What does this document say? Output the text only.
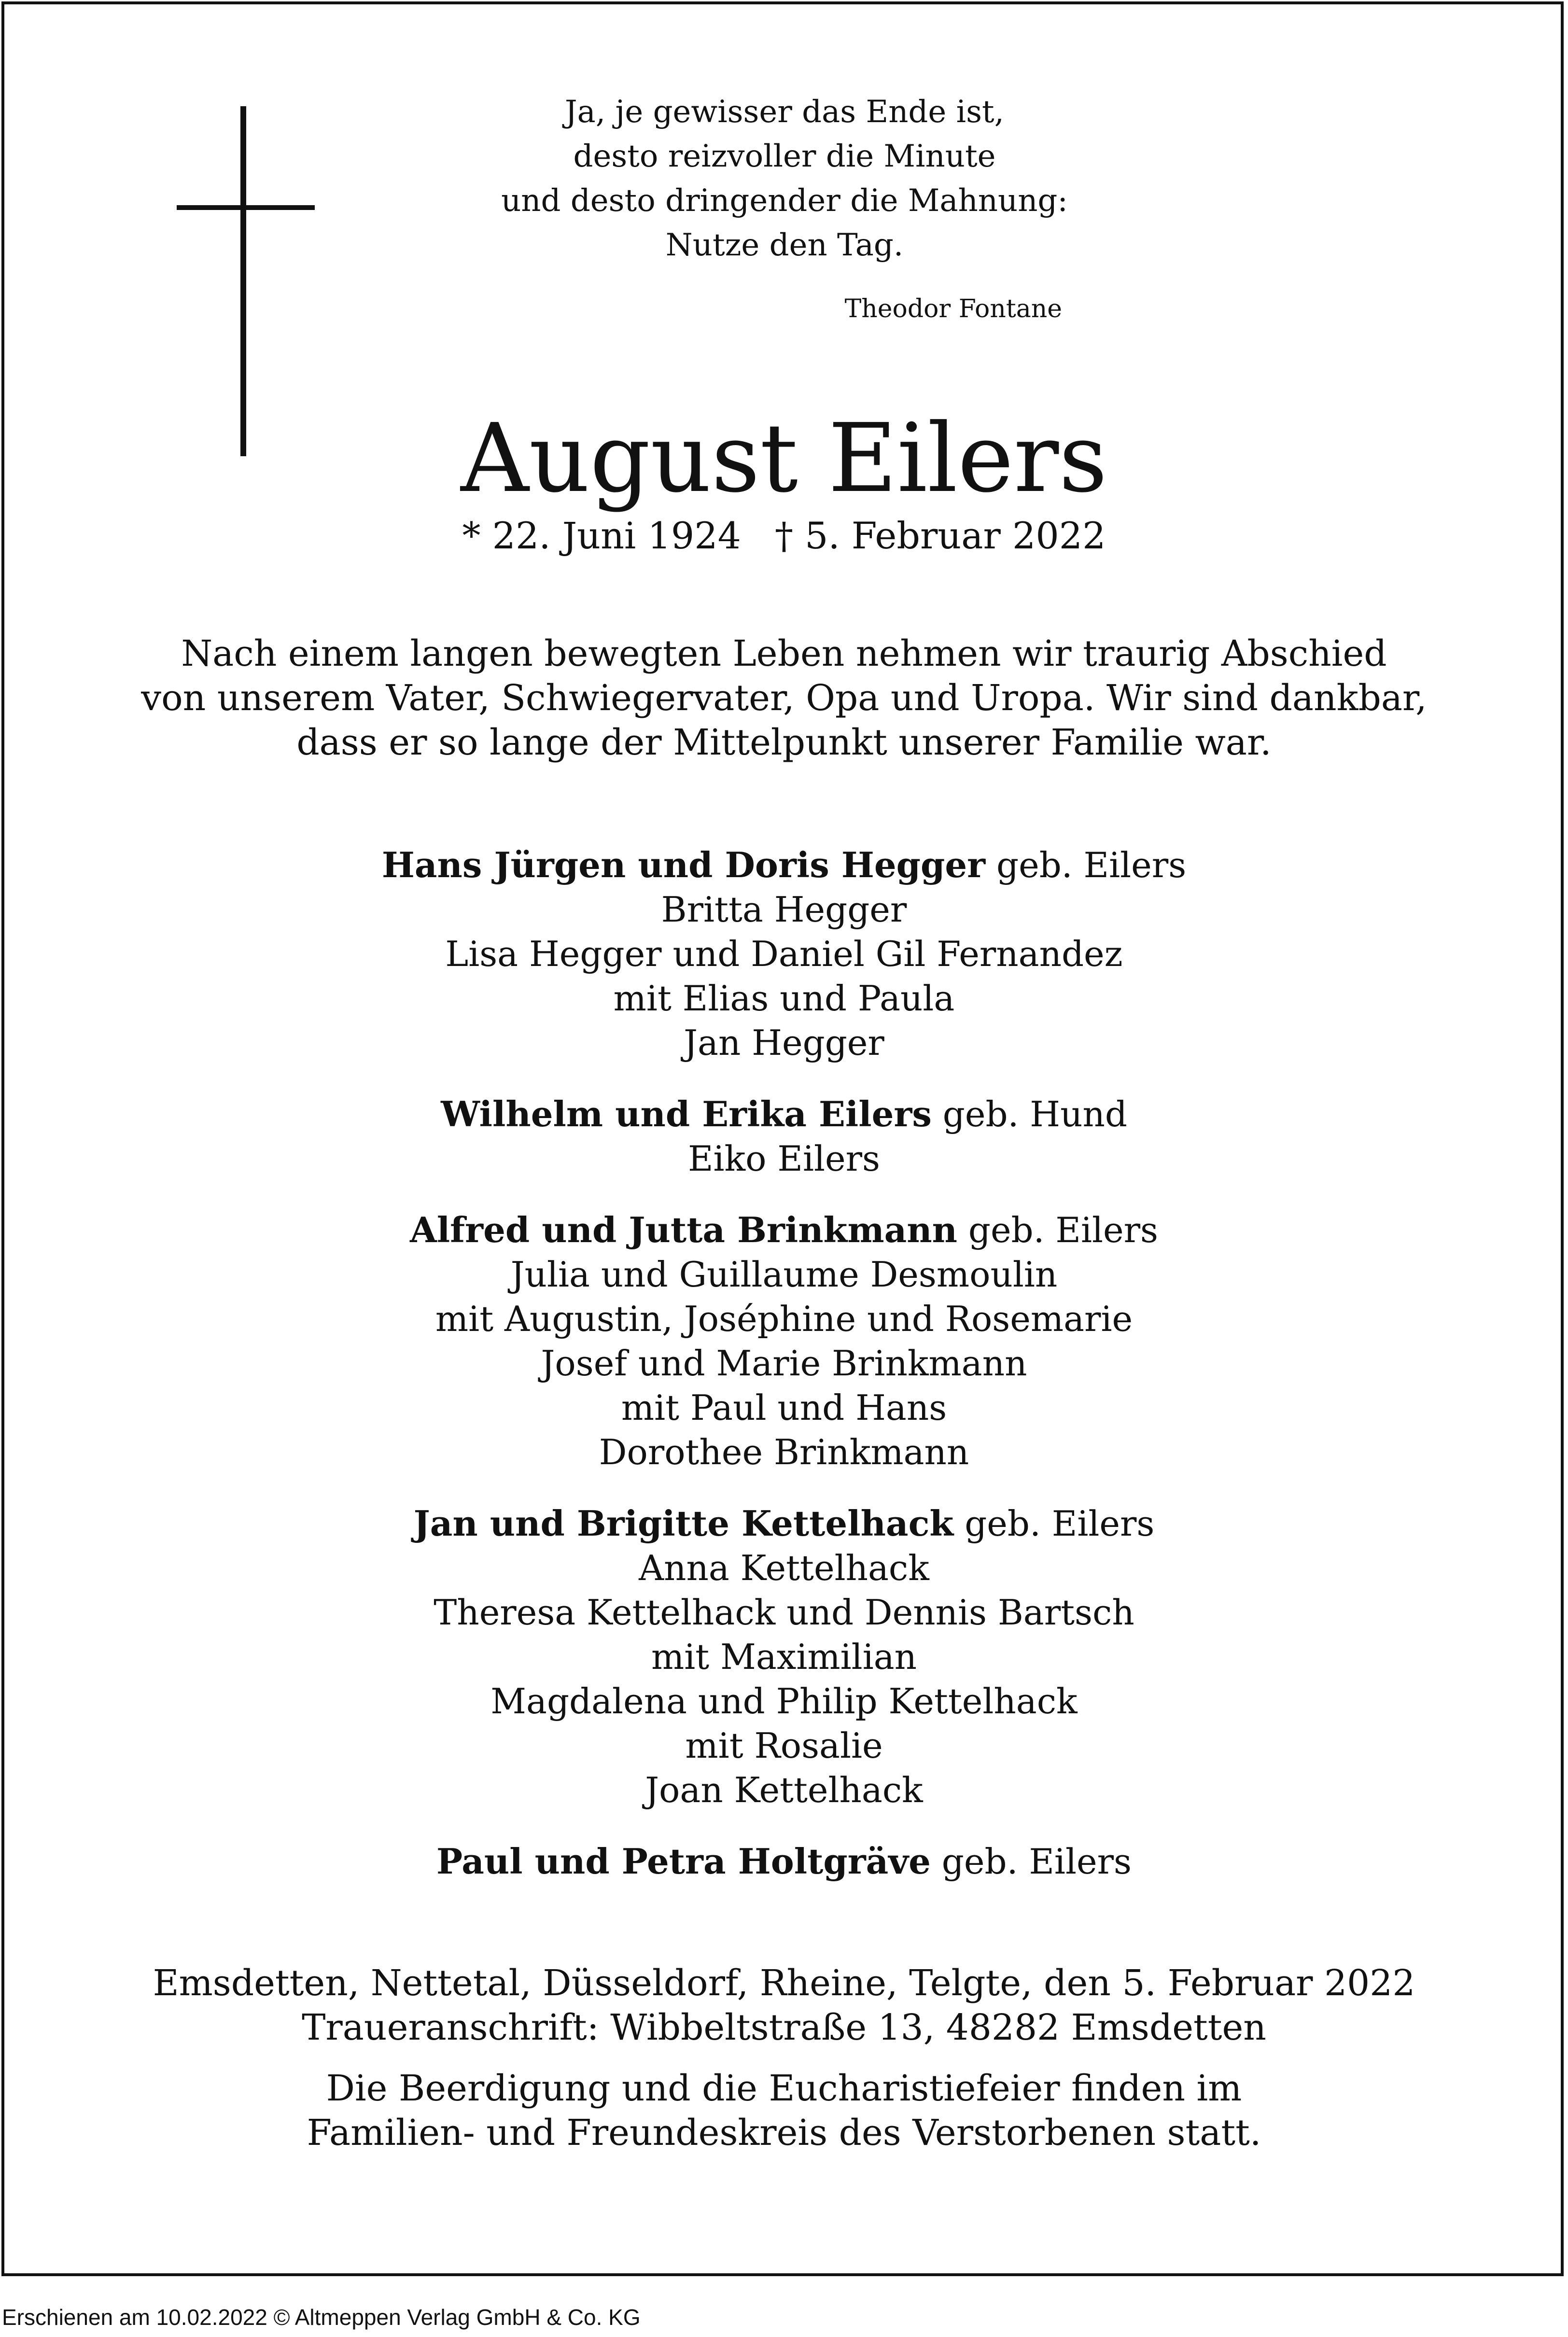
Ja, je gewisser das Ende ist,
desto reizvoller die Minute
und desto dringender die Mahnung:
Nutze den Tag.
Theodor Fontane
August Eilers
* 22. Juni 1924 † 5. Februar 2022
Nach einem langen bewegten Leben nehmen wir traurig Abschied
von unserem Vater, Schwiegervater, Opa und Uropa. Wir sind dankbar,
dass er so lange der Mittelpunkt unserer Familie war.
Hans Jürgen und Doris Hegger geb. Eilers
Britta Hegger
Lisa Hegger und Daniel Gil Fernandez
mit Elias und Paula
Jan Hegger
Wilhelm und Erika Eilers geb. Hund
Eiko Eilers
Alfred und Jutta Brinkmann geb. Eilers
Julia und Guillaume Desmoulin
mit Augustin, Joséphine und Rosemarie
Josef und Marie Brinkmann
mit Paul und Hans
Dorothee Brinkmann
Jan und Brigitte Kettelhack geb. Eilers
Anna Kettelhack
Theresa Kettelhack und Dennis Bartsch
mit Maximilian
Magdalena und Philip Kettelhack
mit Rosalie
Joan Kettelhack
Paul und Petra Holtgräve geb. Eilers
Emsdetten, Nettetal, Düsseldorf, Rheine, Telgte, den 5. Februar 2022
Traueranschrift: Wibbeltstraße 13, 48282 Emsdetten
Die Beerdigung und die Eucharistiefeier finden im
Familien- und Freundeskreis des Verstorbenen statt.
Erschienen am 10.02.2022 © Altmeppen Verlag GmbH & Co. KG
